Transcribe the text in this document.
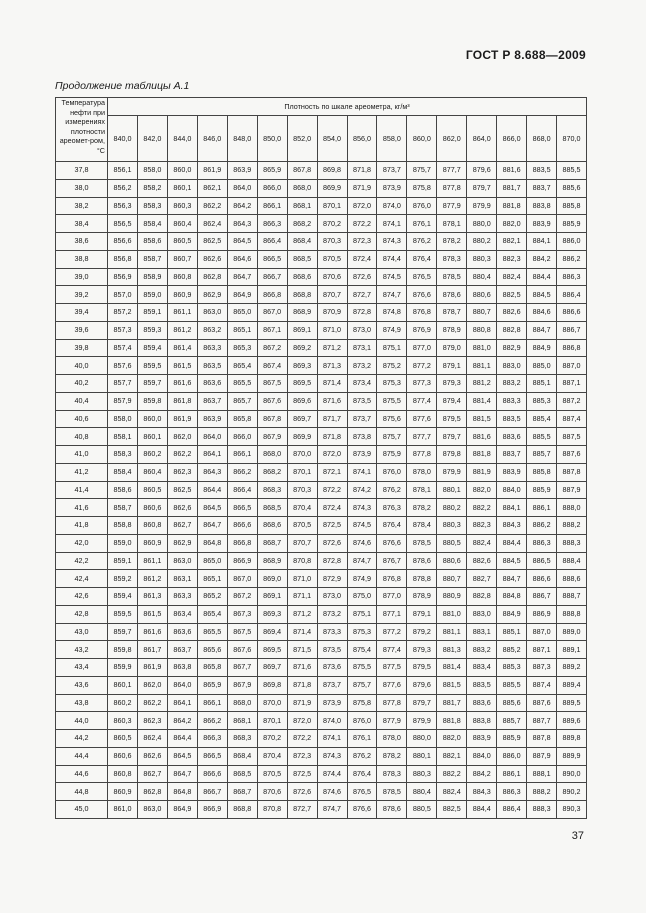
ГОСТ Р 8.688—2009
Продолжение таблицы А.1
Температура нефти при измерениях плотности ареомет-ром, °С	Плотность по шкале ареометра, кг/м³															
	840,0	842,0	844,0	846,0	848,0	850,0	852,0	854,0	856,0	858,0	860,0	862,0	864,0	866,0	868,0	870,0
37,8	856,1	858,0	860,0	861,9	863,9	865,9	867,8	869,8	871,8	873,7	875,7	877,7	879,6	881,6	883,5	885,5
38,0	856,2	858,2	860,1	862,1	864,0	866,0	868,0	869,9	871,9	873,9	875,8	877,8	879,7	881,7	883,7	885,6
38,2	856,3	858,3	860,3	862,2	864,2	866,1	868,1	870,1	872,0	874,0	876,0	877,9	879,9	881,8	883,8	885,8
38,4	856,5	858,4	860,4	862,4	864,3	866,3	868,2	870,2	872,2	874,1	876,1	878,1	880,0	882,0	883,9	885,9
38,6	856,6	858,6	860,5	862,5	864,5	866,4	868,4	870,3	872,3	874,3	876,2	878,2	880,2	882,1	884,1	886,0
38,8	856,8	858,7	860,7	862,6	864,6	866,5	868,5	870,5	872,4	874,4	876,4	878,3	880,3	882,3	884,2	886,2
39,0	856,9	858,9	860,8	862,8	864,7	866,7	868,6	870,6	872,6	874,5	876,5	878,5	880,4	882,4	884,4	886,3
39,2	857,0	859,0	860,9	862,9	864,9	866,8	868,8	870,7	872,7	874,7	876,6	878,6	880,6	882,5	884,5	886,4
39,4	857,2	859,1	861,1	863,0	865,0	867,0	868,9	870,9	872,8	874,8	876,8	878,7	880,7	882,6	884,6	886,6
39,6	857,3	859,3	861,2	863,2	865,1	867,1	869,1	871,0	873,0	874,9	876,9	878,9	880,8	882,8	884,7	886,7
39,8	857,4	859,4	861,4	863,3	865,3	867,2	869,2	871,2	873,1	875,1	877,0	879,0	881,0	882,9	884,9	886,8
40,0	857,6	859,5	861,5	863,5	865,4	867,4	869,3	871,3	873,2	875,2	877,2	879,1	881,1	883,0	885,0	887,0
40,2	857,7	859,7	861,6	863,6	865,5	867,5	869,5	871,4	873,4	875,3	877,3	879,3	881,2	883,2	885,1	887,1
40,4	857,9	859,8	861,8	863,7	865,7	867,6	869,6	871,6	873,5	875,5	877,4	879,4	881,4	883,3	885,3	887,2
40,6	858,0	860,0	861,9	863,9	865,8	867,8	869,7	871,7	873,7	875,6	877,6	879,5	881,5	883,5	885,4	887,4
40,8	858,1	860,1	862,0	864,0	866,0	867,9	869,9	871,8	873,8	875,7	877,7	879,7	881,6	883,6	885,5	887,5
41,0	858,3	860,2	862,2	864,1	866,1	868,0	870,0	872,0	873,9	875,9	877,8	879,8	881,8	883,7	885,7	887,6
41,2	858,4	860,4	862,3	864,3	866,2	868,2	870,1	872,1	874,1	876,0	878,0	879,9	881,9	883,9	885,8	887,8
41,4	858,6	860,5	862,5	864,4	866,4	868,3	870,3	872,2	874,2	876,2	878,1	880,1	882,0	884,0	885,9	887,9
41,6	858,7	860,6	862,6	864,5	866,5	868,5	870,4	872,4	874,3	876,3	878,2	880,2	882,2	884,1	886,1	888,0
41,8	858,8	860,8	862,7	864,7	866,6	868,6	870,5	872,5	874,5	876,4	878,4	880,3	882,3	884,3	886,2	888,2
42,0	859,0	860,9	862,9	864,8	866,8	868,7	870,7	872,6	874,6	876,6	878,5	880,5	882,4	884,4	886,3	888,3
42,2	859,1	861,1	863,0	865,0	866,9	868,9	870,8	872,8	874,7	876,7	878,6	880,6	882,6	884,5	886,5	888,4
42,4	859,2	861,2	863,1	865,1	867,0	869,0	871,0	872,9	874,9	876,8	878,8	880,7	882,7	884,7	886,6	888,6
42,6	859,4	861,3	863,3	865,2	867,2	869,1	871,1	873,0	875,0	877,0	878,9	880,9	882,8	884,8	886,7	888,7
42,8	859,5	861,5	863,4	865,4	867,3	869,3	871,2	873,2	875,1	877,1	879,1	881,0	883,0	884,9	886,9	888,8
43,0	859,7	861,6	863,6	865,5	867,5	869,4	871,4	873,3	875,3	877,2	879,2	881,1	883,1	885,1	887,0	889,0
43,2	859,8	861,7	863,7	865,6	867,6	869,5	871,5	873,5	875,4	877,4	879,3	881,3	883,2	885,2	887,1	889,1
43,4	859,9	861,9	863,8	865,8	867,7	869,7	871,6	873,6	875,5	877,5	879,5	881,4	883,4	885,3	887,3	889,2
43,6	860,1	862,0	864,0	865,9	867,9	869,8	871,8	873,7	875,7	877,6	879,6	881,5	883,5	885,5	887,4	889,4
43,8	860,2	862,2	864,1	866,1	868,0	870,0	871,9	873,9	875,8	877,8	879,7	881,7	883,6	885,6	887,6	889,5
44,0	860,3	862,3	864,2	866,2	868,1	870,1	872,0	874,0	876,0	877,9	879,9	881,8	883,8	885,7	887,7	889,6
44,2	860,5	862,4	864,4	866,3	868,3	870,2	872,2	874,1	876,1	878,0	880,0	882,0	883,9	885,9	887,8	889,8
44,4	860,6	862,6	864,5	866,5	868,4	870,4	872,3	874,3	876,2	878,2	880,1	882,1	884,0	886,0	887,9	889,9
44,6	860,8	862,7	864,7	866,6	868,5	870,5	872,5	874,4	876,4	878,3	880,3	882,2	884,2	886,1	888,1	890,0
44,8	860,9	862,8	864,8	866,7	868,7	870,6	872,6	874,6	876,5	878,5	880,4	882,4	884,3	886,3	888,2	890,2
45,0	861,0	863,0	864,9	866,9	868,8	870,8	872,7	874,7	876,6	878,6	880,5	882,5	884,4	886,4	888,3	890,3
37
